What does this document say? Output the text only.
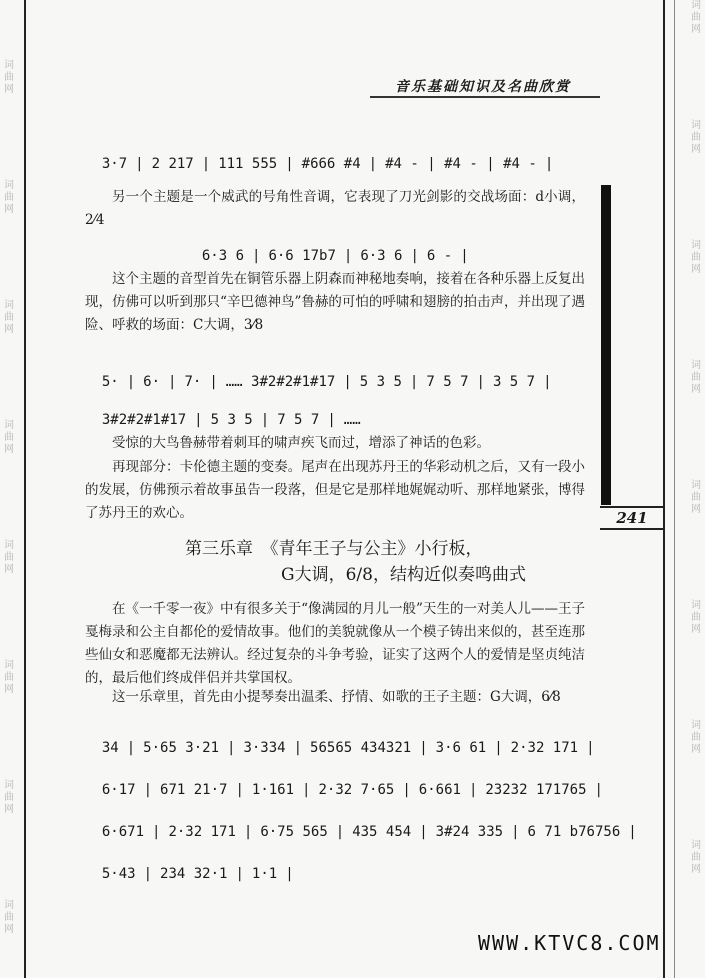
词
曲
网
词
曲
网
词
曲
网
词
曲
网
词
曲
网
词
曲
网
词
曲
网
词
曲
网
词
曲
网
词
曲
网
词
曲
网
词
曲
网
词
曲
网
词
曲
网
词
曲
网
词
曲
网
音乐基础知识及名曲欣赏
241

3·7 | 2 217 | 111 555 | #666 #4 | #4 - | #4 - | #4 - |

另一个主题是一个威武的号角性音调，它表现了刀光剑影的交战场面：d小调，2⁄4

6·3 6 | 6·6 17b7 | 6·3 6 | 6 - |

这个主题的音型首先在铜管乐器上阴森而神秘地奏响，接着在各种乐器上反复出现，仿佛可以听到那只“辛巴德神鸟”鲁赫的可怕的呼啸和翅膀的拍击声，并出现了遇险、呼救的场面：C大调，3⁄8

5· | 6· | 7· | …… 3#2#2#1#17 | 5 3 5 | 7 5 7 | 3 5 7 |

3#2#2#1#17 | 5 3 5 | 7 5 7 | ……

受惊的大鸟鲁赫带着刺耳的啸声疾飞而过，增添了神话的色彩。
再现部分：卡伦德主题的变奏。尾声在出现苏丹王的华彩动机之后，又有一段小的发展，仿佛预示着故事虽告一段落，但是它是那样地娓娓动听、那样地紧张，博得了苏丹王的欢心。
第三乐章　《青年王子与公主》小行板，
G大调，6/8，结构近似奏鸣曲式
在《一千零一夜》中有很多关于“像满园的月儿一般”天生的一对美人儿——王子戛梅录和公主自都伦的爱情故事。他们的美貌就像从一个模子铸出来似的，甚至连那些仙女和恶魔都无法辨认。经过复杂的斗争考验，证实了这两个人的爱情是坚贞纯洁的，最后他们终成伴侣并共掌国权。
这一乐章里，首先由小提琴奏出温柔、抒情、如歌的王子主题：G大调，6⁄8

34 | 5·65 3·21 | 3·334 | 56565 434321 | 3·6 61 | 2·32 171 |

6·17 | 671 21·7 | 1·161 | 2·32 7·65 | 6·661 | 23232 171765 |

6·671 | 2·32 171 | 6·75 565 | 435 454 | 3#24 335 | 6 71 b76756 |

5·43 | 234 32·1 | 1·1 |

WWW.KTVC8.COM
